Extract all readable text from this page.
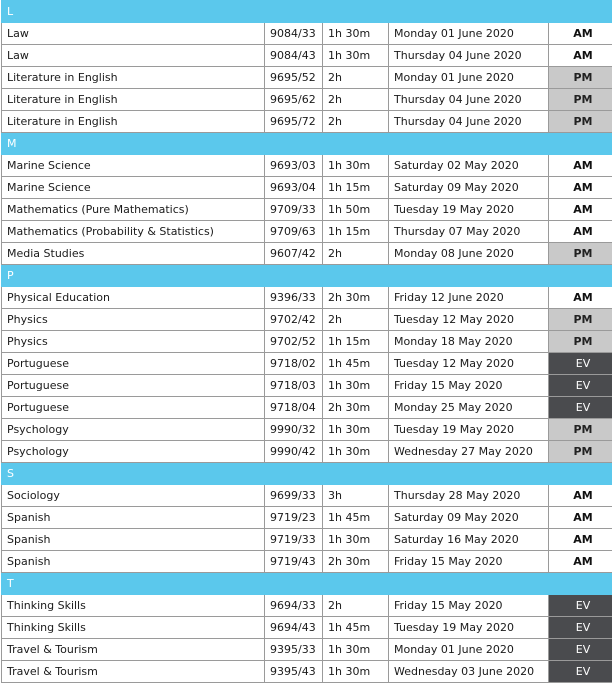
L				
Law	9084/33	1h 30m	Monday 01 June 2020	AM
Law	9084/43	1h 30m	Thursday 04 June 2020	AM
Literature in English	9695/52	2h	Monday 01 June 2020	PM
Literature in English	9695/62	2h	Thursday 04 June 2020	PM
Literature in English	9695/72	2h	Thursday 04 June 2020	PM
M				
Marine Science	9693/03	1h 30m	Saturday 02 May 2020	AM
Marine Science	9693/04	1h 15m	Saturday 09 May 2020	AM
Mathematics (Pure Mathematics)	9709/33	1h 50m	Tuesday 19 May 2020	AM
Mathematics (Probability & Statistics)	9709/63	1h 15m	Thursday 07 May 2020	AM
Media Studies	9607/42	2h	Monday 08 June 2020	PM
P				
Physical Education	9396/33	2h 30m	Friday 12 June 2020	AM
Physics	9702/42	2h	Tuesday 12 May 2020	PM
Physics	9702/52	1h 15m	Monday 18 May 2020	PM
Portuguese	9718/02	1h 45m	Tuesday 12 May 2020	EV
Portuguese	9718/03	1h 30m	Friday 15 May 2020	EV
Portuguese	9718/04	2h 30m	Monday 25 May 2020	EV
Psychology	9990/32	1h 30m	Tuesday 19 May 2020	PM
Psychology	9990/42	1h 30m	Wednesday 27 May 2020	PM
S				
Sociology	9699/33	3h	Thursday 28 May 2020	AM
Spanish	9719/23	1h 45m	Saturday 09 May 2020	AM
Spanish	9719/33	1h 30m	Saturday 16 May 2020	AM
Spanish	9719/43	2h 30m	Friday 15 May 2020	AM
T				
Thinking Skills	9694/33	2h	Friday 15 May 2020	EV
Thinking Skills	9694/43	1h 45m	Tuesday 19 May 2020	EV
Travel & Tourism	9395/33	1h 30m	Monday 01 June 2020	EV
Travel & Tourism	9395/43	1h 30m	Wednesday 03 June 2020	EV
